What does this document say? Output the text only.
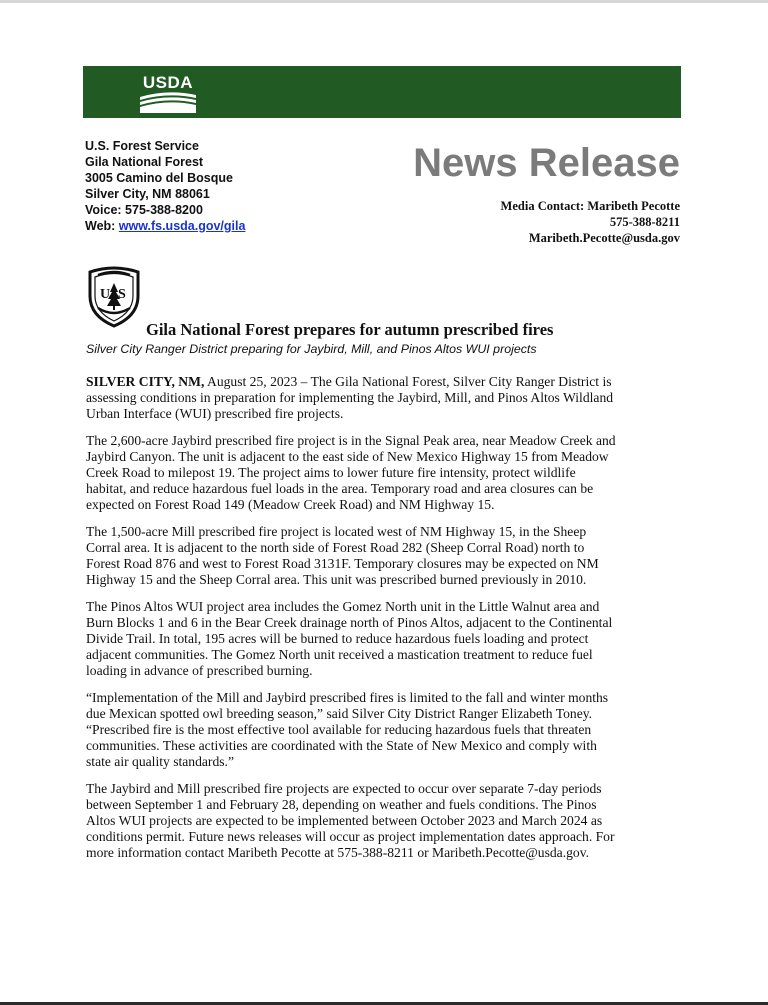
USDA
U.S. Forest Service
Gila National Forest
3005 Camino del Bosque
Silver City, NM 88061
Voice: 575-388-8200
Web: www.fs.usda.gov/gila
News Release
Media Contact: Maribeth Pecotte
575-388-8211
Maribeth.Pecotte@usda.gov
U S
Gila National Forest prepares for autumn prescribed fires
Silver City Ranger District preparing for Jaybird, Mill, and Pinos Altos WUI projects

SILVER CITY, NM, August 25, 2023 – The Gila National Forest, Silver City Ranger District is
assessing conditions in preparation for implementing the Jaybird, Mill, and Pinos Altos Wildland
Urban Interface (WUI) prescribed fire projects.

The 2,600-acre Jaybird prescribed fire project is in the Signal Peak area, near Meadow Creek and
Jaybird Canyon. The unit is adjacent to the east side of New Mexico Highway 15 from Meadow
Creek Road to milepost 19. The project aims to lower future fire intensity, protect wildlife
habitat, and reduce hazardous fuel loads in the area. Temporary road and area closures can be
expected on Forest Road 149 (Meadow Creek Road) and NM Highway 15.

The 1,500-acre Mill prescribed fire project is located west of NM Highway 15, in the Sheep
Corral area. It is adjacent to the north side of Forest Road 282 (Sheep Corral Road) north to
Forest Road 876 and west to Forest Road 3131F. Temporary closures may be expected on NM
Highway 15 and the Sheep Corral area. This unit was prescribed burned previously in 2010.

The Pinos Altos WUI project area includes the Gomez North unit in the Little Walnut area and
Burn Blocks 1 and 6 in the Bear Creek drainage north of Pinos Altos, adjacent to the Continental
Divide Trail. In total, 195 acres will be burned to reduce hazardous fuels loading and protect
adjacent communities. The Gomez North unit received a mastication treatment to reduce fuel
loading in advance of prescribed burning.

“Implementation of the Mill and Jaybird prescribed fires is limited to the fall and winter months
due Mexican spotted owl breeding season,” said Silver City District Ranger Elizabeth Toney.
“Prescribed fire is the most effective tool available for reducing hazardous fuels that threaten
communities. These activities are coordinated with the State of New Mexico and comply with
state air quality standards.”

The Jaybird and Mill prescribed fire projects are expected to occur over separate 7-day periods
between September 1 and February 28, depending on weather and fuels conditions. The Pinos
Altos WUI projects are expected to be implemented between October 2023 and March 2024 as
conditions permit. Future news releases will occur as project implementation dates approach. For
more information contact Maribeth Pecotte at 575-388-8211 or Maribeth.Pecotte@usda.gov.
